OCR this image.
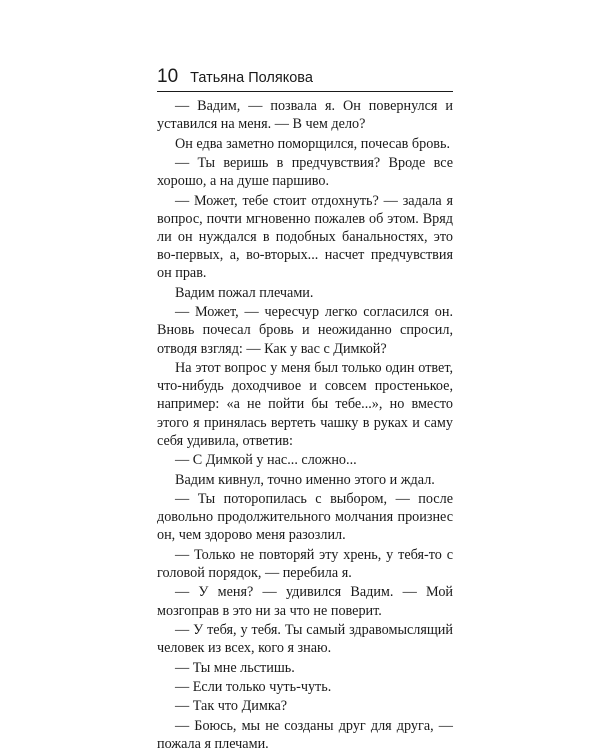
10 Татьяна Полякова

— Вадим, — позвала я. Он повернулся и уставился на меня. — В чем дело?

Он едва заметно поморщился, почесав бровь.

— Ты веришь в предчувствия? Вроде все хорошо, а на душе паршиво.

— Может, тебе стоит отдохнуть? — задала я вопрос, почти мгновенно пожалев об этом. Вряд ли он нуждался в подобных банальностях, это во-первых, а, во-вторых... насчет предчувствия он прав.

Вадим пожал плечами.

— Может, — чересчур легко согласился он. Вновь почесал бровь и неожиданно спросил, отводя взгляд: — Как у вас с Димкой?

На этот вопрос у меня был только один ответ, что-нибудь доходчивое и совсем простенькое, например: «а не пойти бы тебе...», но вместо этого я принялась вертеть чашку в руках и саму себя удивила, ответив:

— С Димкой у нас... сложно...

Вадим кивнул, точно именно этого и ждал.

— Ты поторопилась с выбором, — после довольно продолжительного молчания произнес он, чем здорово меня разозлил.

— Только не повторяй эту хрень, у тебя-то с головой порядок, — перебила я.

— У меня? — удивился Вадим. — Мой мозгоправ в это ни за что не поверит.

— У тебя, у тебя. Ты самый здравомыслящий человек из всех, кого я знаю.

— Ты мне льстишь.

— Если только чуть-чуть.

— Так что Димка?

— Боюсь, мы не созданы друг для друга, — пожала я плечами.
